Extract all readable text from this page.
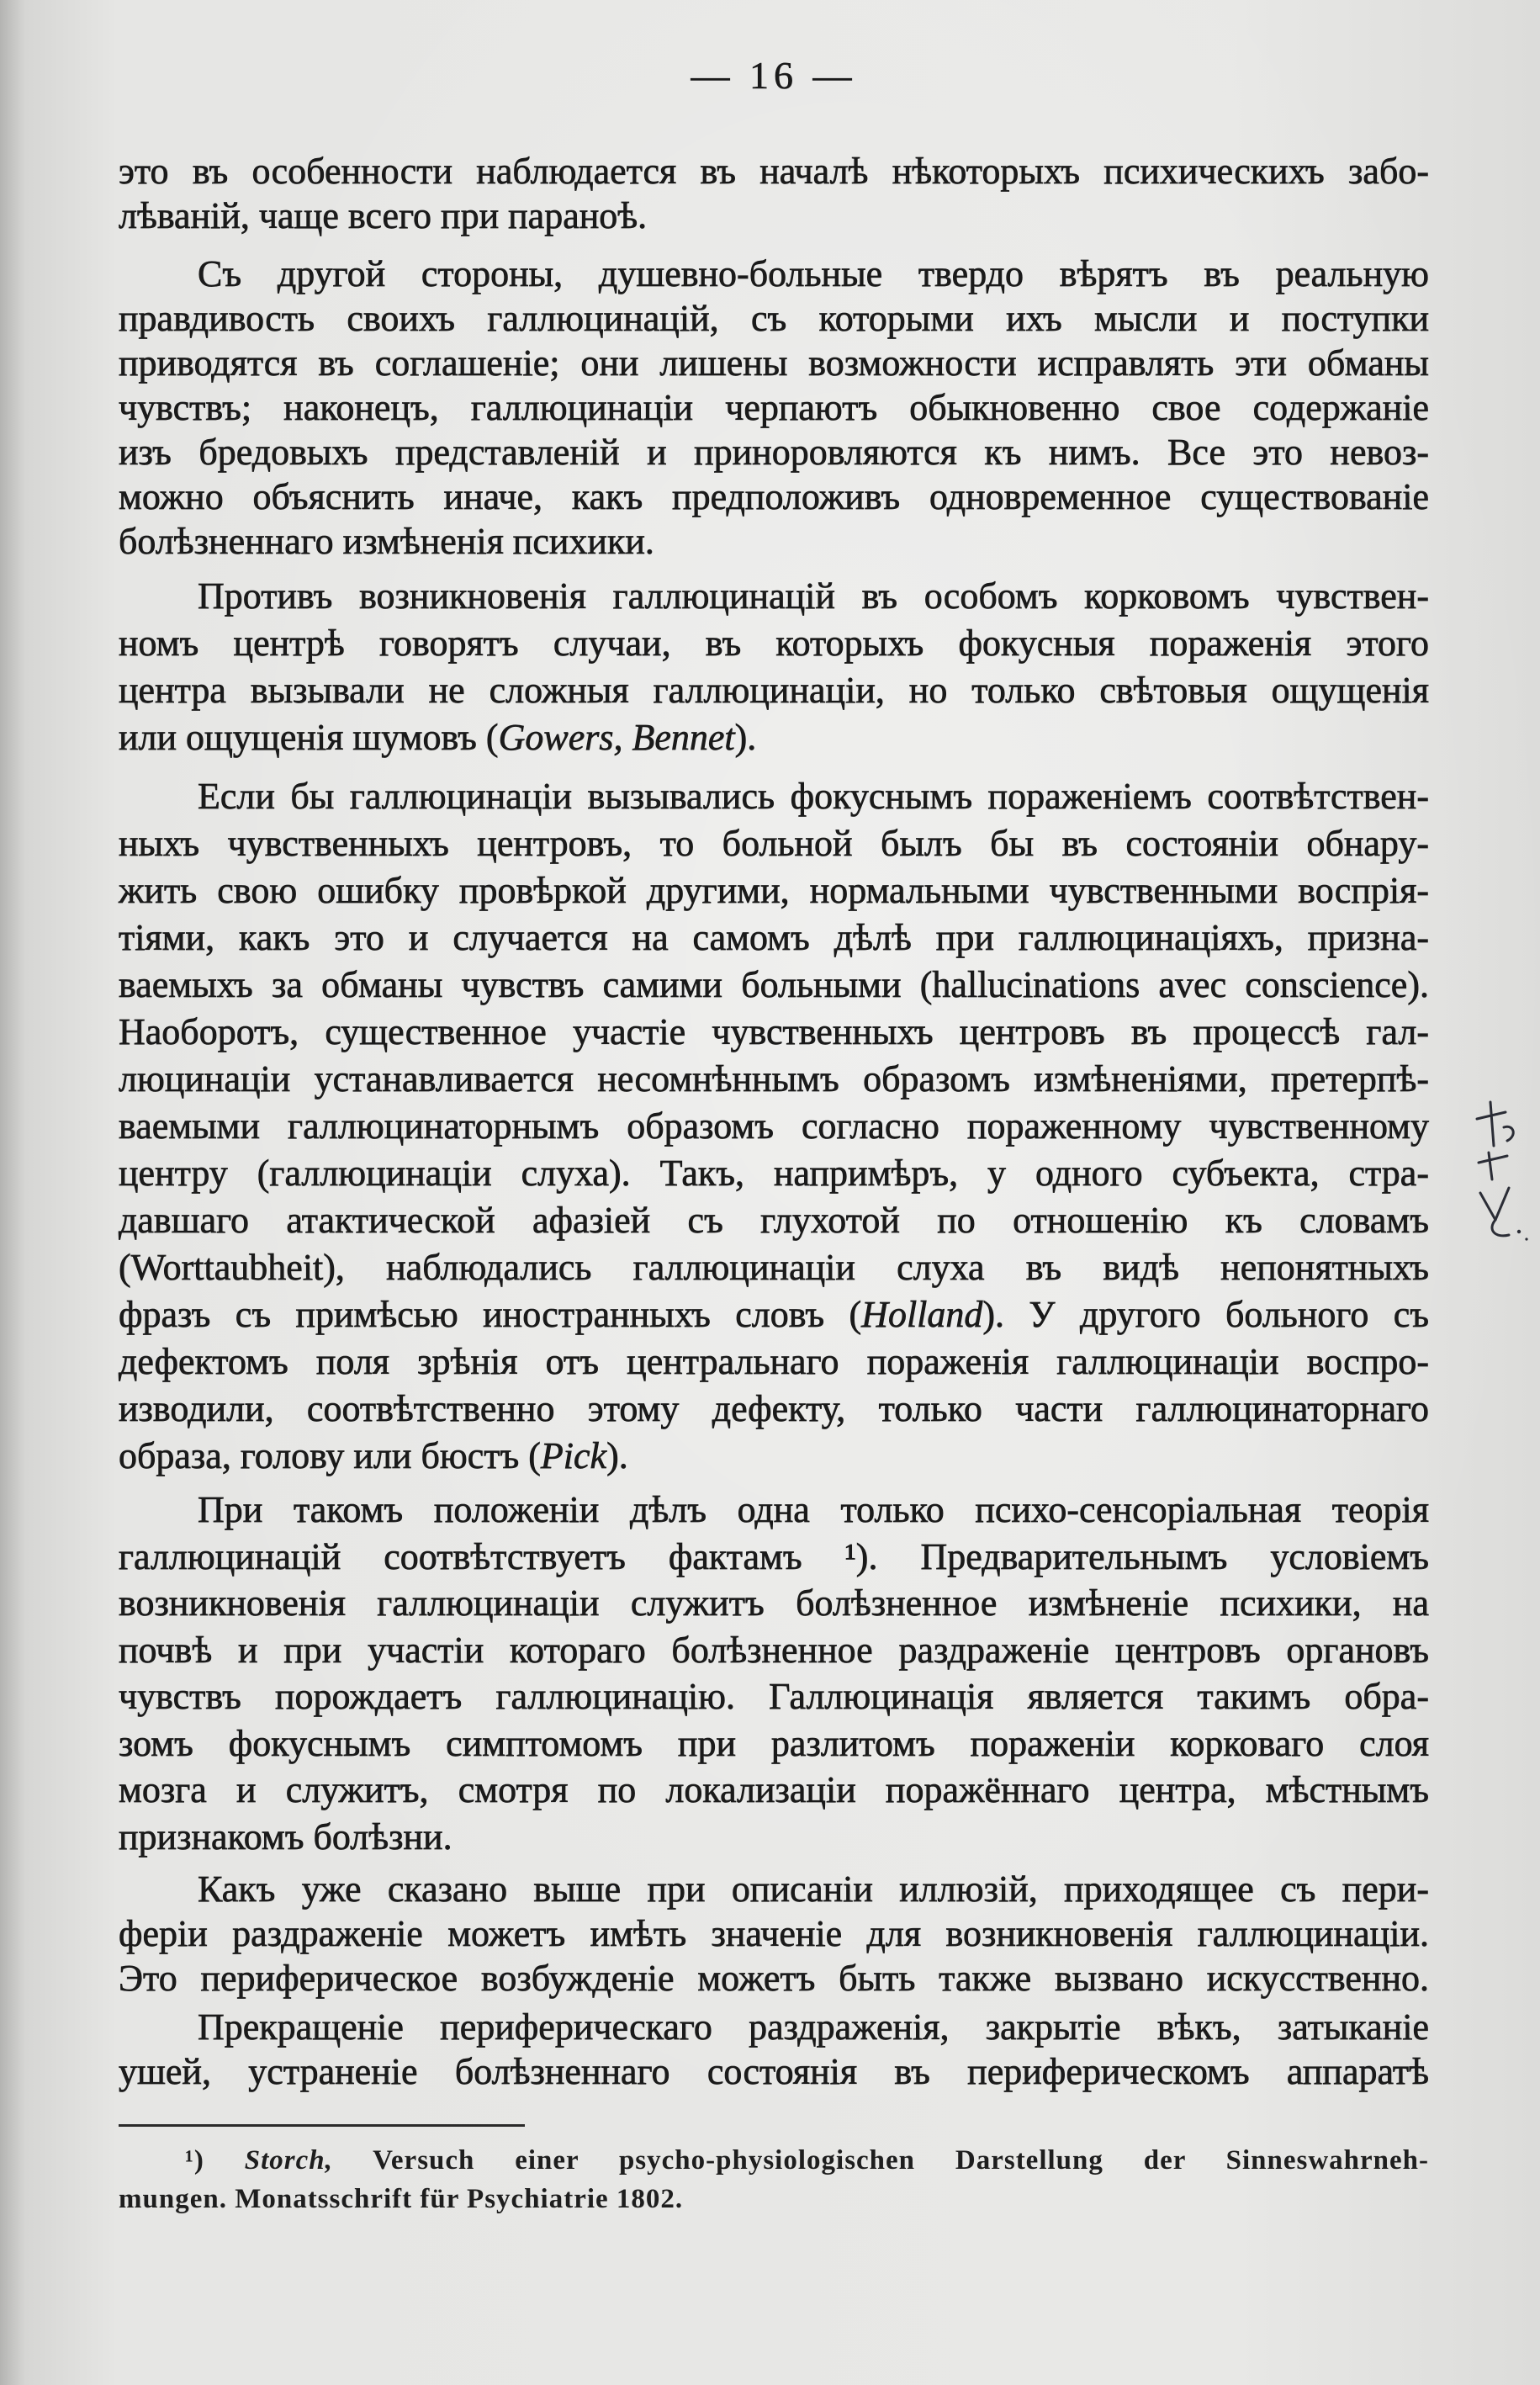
— 16 —
это въ особенности наблюдается въ началѣ нѣкоторыхъ психическихъ забо-
лѣваній, чаще всего при параноѣ.
Съ другой стороны, душевно-больные твердо вѣрятъ въ реальную
правдивость своихъ галлюцинацій, съ которыми ихъ мысли и поступки
приводятся въ соглашеніе; они лишены возможности исправлять эти обманы
чувствъ; наконецъ, галлюцинаціи черпаютъ обыкновенно свое содержаніе
изъ бредовыхъ представленій и приноровляются къ нимъ. Все это невоз-
можно объяснить иначе, какъ предположивъ одновременное существованіе
болѣзненнаго измѣненія психики.
Противъ возникновенія галлюцинацій въ особомъ корковомъ чувствен-
номъ центрѣ говорятъ случаи, въ которыхъ фокусныя пораженія этого
центра вызывали не сложныя галлюцинаціи, но только свѣтовыя ощущенія
или ощущенія шумовъ (Gowers, Bennet).
Если бы галлюцинаціи вызывались фокуснымъ пораженіемъ соотвѣтствен-
ныхъ чувственныхъ центровъ, то больной былъ бы въ состояніи обнару-
жить свою ошибку провѣркой другими, нормальными чувственными воспрія-
тіями, какъ это и случается на самомъ дѣлѣ при галлюцинаціяхъ, призна-
ваемыхъ за обманы чувствъ самими больными (hallucinations avec conscience).
Наоборотъ, существенное участіе чувственныхъ центровъ въ процессѣ гал-
люцинаціи устанавливается несомнѣннымъ образомъ измѣненіями, претерпѣ-
ваемыми галлюцинаторнымъ образомъ согласно пораженному чувственному
центру (галлюцинаціи слуха). Такъ, напримѣръ, у одного субъекта, стра-
давшаго атактической афазіей съ глухотой по отношенію къ словамъ
(Worttaubheit), наблюдались галлюцинаціи слуха въ видѣ непонятныхъ
фразъ съ примѣсью иностранныхъ словъ (Holland). У другого больного съ
дефектомъ поля зрѣнія отъ центральнаго пораженія галлюцинаціи воспро-
изводили, соотвѣтственно этому дефекту, только части галлюцинаторнаго
образа, голову или бюстъ (Pick).
При такомъ положеніи дѣлъ одна только психо-сенсоріальная теорія
галлюцинацій соотвѣтствуетъ фактамъ ¹). Предварительнымъ условіемъ
возникновенія галлюцинаціи служитъ болѣзненное измѣненіе психики, на
почвѣ и при участіи котораго болѣзненное раздраженіе центровъ органовъ
чувствъ порождаетъ галлюцинацію. Галлюцинація является такимъ обра-
зомъ фокуснымъ симптомомъ при разлитомъ пораженіи корковаго слоя
мозга и служитъ, смотря по локализаціи поражённаго центра, мѣстнымъ
признакомъ болѣзни.
Какъ уже сказано выше при описаніи иллюзій, приходящее съ пери-
феріи раздраженіе можетъ имѣть значеніе для возникновенія галлюцинаціи.
Это периферическое возбужденіе можетъ быть также вызвано искусственно.
Прекращеніе периферическаго раздраженія, закрытіе вѣкъ, затыканіе
ушей, устраненіе болѣзненнаго состоянія въ периферическомъ аппаратѣ
¹) Storch, Versuch einer psycho-physiologischen Darstellung der Sinneswahrneh-
mungen. Monatsschrift für Psychiatrie 1802.
